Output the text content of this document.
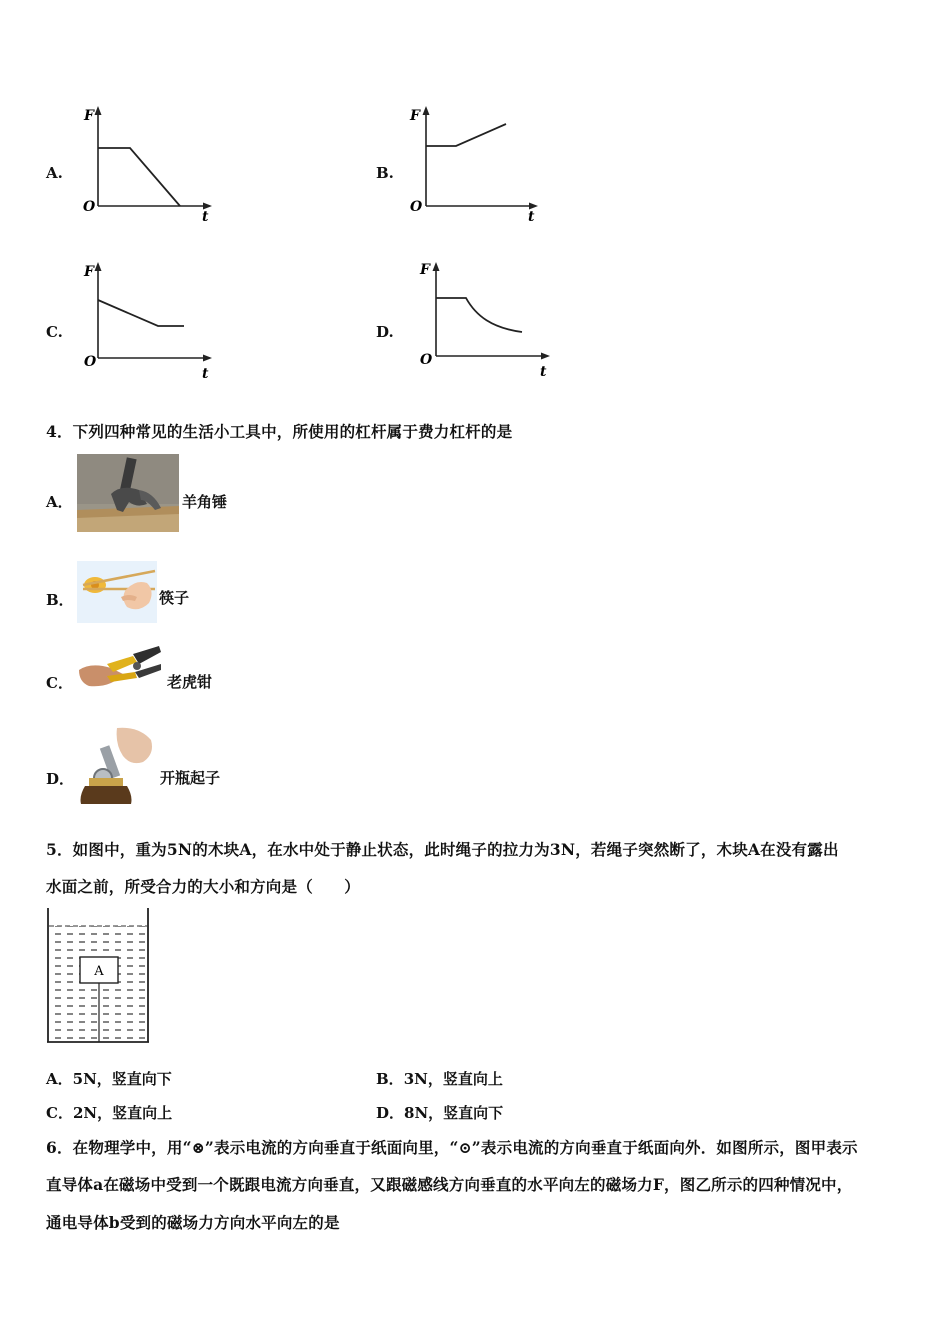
A.
F
O
t
B.
F
O
t
C.
F
O
t
D.
F
O
t
4．下列四种常见的生活小工具中，所使用的杠杆属于费力杠杆的是
A．	羊角锤
B．	筷子
C．	老虎钳
D．	开瓶起子
5．如图中，重为5N的木块A，在水中处于静止状态，此时绳子的拉力为3N，若绳子突然断了，木块A在没有露出
水面之前，所受合力的大小和方向是（　　）
A
A．5N，竖直向下	B．3N，竖直向上
C．2N，竖直向上	D．8N，竖直向下
6．在物理学中，用“⊗”表示电流的方向垂直于纸面向里，“⊙”表示电流的方向垂直于纸面向外．如图所示，图甲表示
直导体a在磁场中受到一个既跟电流方向垂直，又跟磁感线方向垂直的水平向左的磁场力F，图乙所示的四种情况中，
通电导体b受到的磁场力方向水平向左的是
